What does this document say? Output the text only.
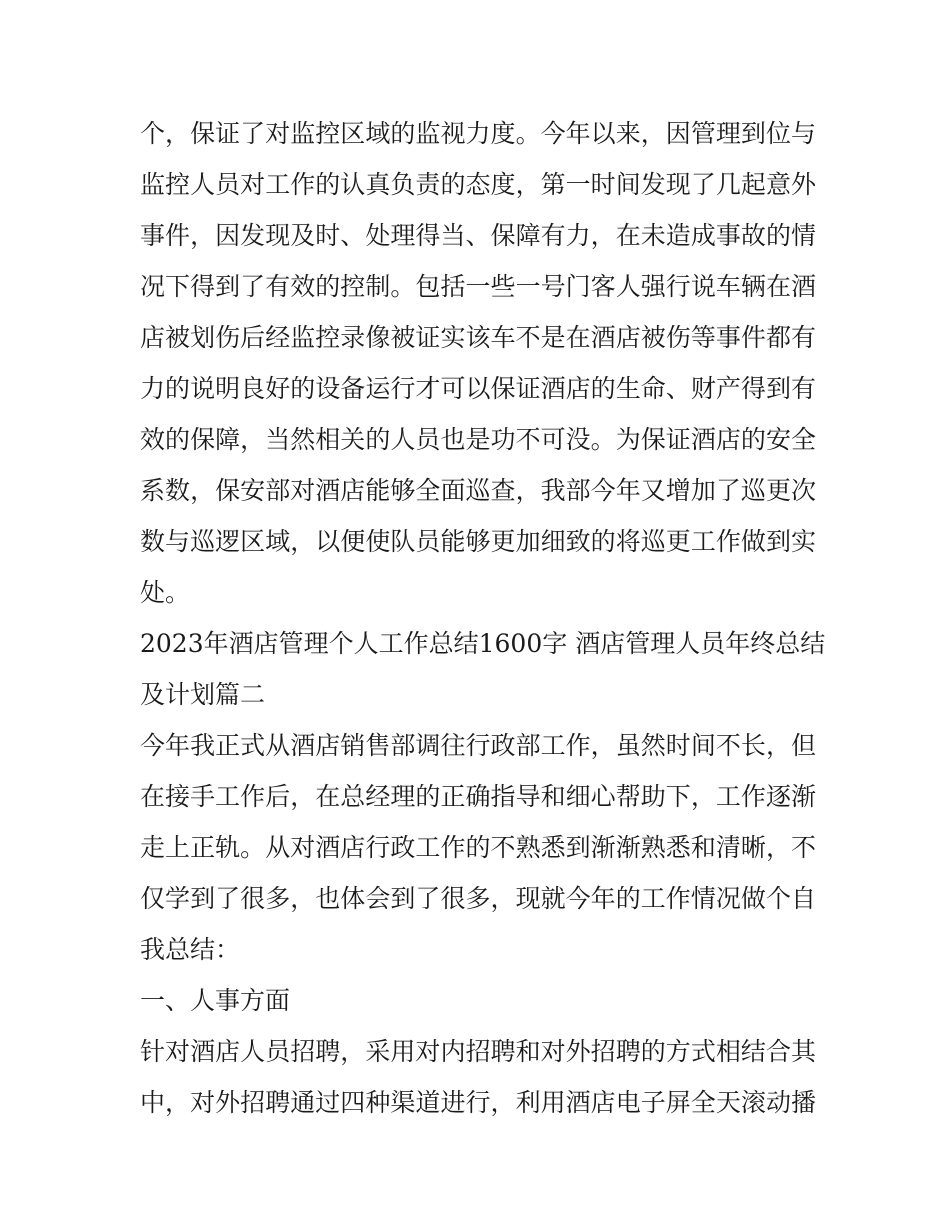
个，保证了对监控区域的监视力度。今年以来，因管理到位与
监控人员对工作的认真负责的态度，第一时间发现了几起意外
事件，因发现及时、处理得当、保障有力，在未造成事故的情
况下得到了有效的控制。包括一些一号门客人强行说车辆在酒
店被划伤后经监控录像被证实该车不是在酒店被伤等事件都有
力的说明良好的设备运行才可以保证酒店的生命、财产得到有
效的保障，当然相关的人员也是功不可没。为保证酒店的安全
系数，保安部对酒店能够全面巡查，我部今年又增加了巡更次
数与巡逻区域，以便使队员能够更加细致的将巡更工作做到实
处。
2023年酒店管理个人工作总结1600字 酒店管理人员年终总结
及计划篇二
今年我正式从酒店销售部调往行政部工作，虽然时间不长，但
在接手工作后，在总经理的正确指导和细心帮助下，工作逐渐
走上正轨。从对酒店行政工作的不熟悉到渐渐熟悉和清晰，不
仅学到了很多，也体会到了很多，现就今年的工作情况做个自
我总结：
一、人事方面
针对酒店人员招聘，采用对内招聘和对外招聘的方式相结合其
中，对外招聘通过四种渠道进行，利用酒店电子屏全天滚动播
